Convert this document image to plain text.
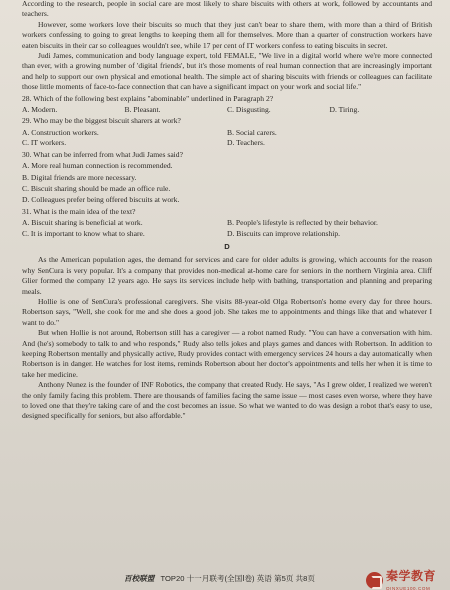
According to the research, people in social care are most likely to share biscuits with others at work, followed by accountants and teachers.

However, some workers love their biscuits so much that they just can't bear to share them, with more than a third of British workers confessing to going to great lengths to keeping them all for themselves. More than a quarter of construction workers have eaten biscuits in their car so colleagues wouldn't see, while 17 per cent of IT workers confess to eating biscuits in secret.

Judi James, communication and body language expert, told FEMALE, "We live in a digital world where we're more connected than ever, with a growing number of 'digital friends', but it's those moments of real human connection that are increasingly important and help to support our own physical and emotional health. The simple act of sharing biscuits with friends or colleagues can facilitate those little moments of face-to-face connection that can have a significant impact on your work and social life."

28. Which of the following best explains "abominable" underlined in Paragraph 2?

A. Modern.	B. Pleasant.	C. Disgusting.	D. Tiring.

29. Who may be the biggest biscuit sharers at work?

A. Construction workers.	B. Social carers.
C. IT workers.	D. Teachers.

30. What can be inferred from what Judi James said?

A. More real human connection is recommended.

B. Digital friends are more necessary.

C. Biscuit sharing should be made an office rule.

D. Colleagues prefer being offered biscuits at work.

31. What is the main idea of the text?

A. Biscuit sharing is beneficial at work.	B. People's lifestyle is reflected by their behavior.
C. It is important to know what to share.	D. Biscuits can improve relationship.
D

As the American population ages, the demand for services and care for older adults is growing, which accounts for the reason why SenCura is very popular. It's a company that provides non-medical at-home care for seniors in the northern Virginia area. Cliff Glier formed the company 12 years ago. He says its services include help with bathing, transportation and planning and preparing meals.

Hollie is one of SenCura's professional caregivers. She visits 88-year-old Olga Robertson's home every day for three hours. Robertson says, "Well, she cook for me and she does a good job. She takes me to appointments and things like that and whatever I want to do."

But when Hollie is not around, Robertson still has a caregiver — a robot named Rudy. "You can have a conversation with him. And (he's) somebody to talk to and who responds," Rudy also tells jokes and plays games and dances with Robertson. In addition to keeping Robertson mentally and physically active, Rudy provides contact with emergency services 24 hours a day automatically when Robertson is in danger. He watches for lost items, reminds Robertson about her doctor's appointments and tells her when it is time to take her medicine.

Anthony Nunez is the founder of INF Robotics, the company that created Rudy. He says, "As I grew older, I realized we weren't the only family facing this problem. There are thousands of families facing the same issue — most cases even worse, where they have to loved one that they're taking care of and the cost becomes an issue. So what we wanted to do was design a robot that's easy to use, designed specifically for seniors, but also affordable."

百校联盟 TOP20 十一月联考(全国Ⅰ卷) 英语 第5页 共8页	秦学教育
QINXUE100.COM
